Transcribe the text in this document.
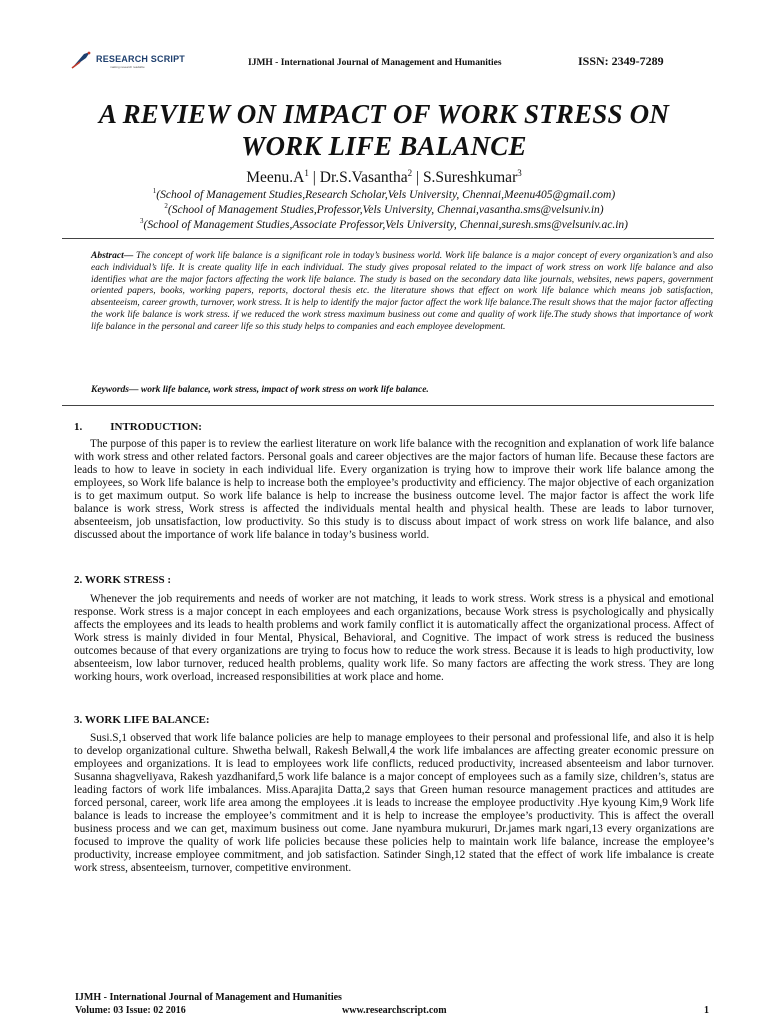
RESEARCH SCRIPT
making research readable	IJMH - International Journal of Management and Humanities	ISSN: 2349-7289
A REVIEW ON IMPACT OF WORK STRESS ON
WORK LIFE BALANCE
$Meenu.A^1$ | Dr.S.Vasantha$^2$ | S.Sureshkumar$^3$
$^1$(School of Management Studies,Research Scholar,Vels University, Chennai,Meenu405@gmail.com)
$^2$(School of Management Studies,Professor,Vels University, Chennai,vasantha.sms@velsuniv.in)
$^3$(School of Management Studies,Associate Professor,Vels University, Chennai,suresh.sms@velsuniv.ac.in)
Abstract— The concept of work life balance is a significant role in today’s business world. Work life balance is a major concept of every organization’s and also each individual’s life. It is create quality life in each individual. The study gives proposal related to the impact of work stress on work life balance and also identifies what are the major factors affecting the work life balance. The study is based on the secondary data like journals, websites, news papers, government oriented papers, books, working papers, reports, doctoral thesis etc. the literature shows that effect on work life balance which means job satisfaction, absenteeism, career growth, turnover, work stress. It is help to identify the major factor affect the work life balance.The result shows that the major factor affecting the work life balance is work stress. if we reduced the work stress maximum business out come and quality of work life.The study shows that importance of work life balance in the personal and career life so this study helps to companies and each employee development.
Keywords— work life balance, work stress, impact of work stress on work life balance.
1.	INTRODUCTION:

The purpose of this paper is to review the earliest literature on work life balance with the recognition and explanation of work life balance with work stress and other related factors. Personal goals and career objectives are the major factors of human life. Because these factors are leads to how to leave in society in each individual life. Every organization is trying how to improve their work life balance among the employees, so Work life balance is help to increase both the employee’s productivity and efficiency. The major objective of each organization is to get maximum output. So work life balance is help to increase the business outcome level. The major factor is affect the work life balance is work stress, Work stress is affected the individuals mental health and physical health. These are leads to labor turnover, absenteeism, job unsatisfaction, low productivity. So this study is to discuss about impact of work stress on work life balance, and also discussed about the importance of work life balance in today’s business world.

2. WORK STRESS :

Whenever the job requirements and needs of worker are not matching, it leads to work stress. Work stress is a physical and emotional response. Work stress is a major concept in each employees and each organizations, because Work stress is psychologically and physically affects the employees and its leads to health problems and work family conflict it is automatically affect the organizational process. Affect of Work stress is mainly divided in four Mental, Physical, Behavioral, and Cognitive. The impact of work stress is reduced the business outcomes because of that every organizations are trying to focus how to reduce the work stress. Because it is leads to high productivity, low absenteeism, low labor turnover, reduced health problems, quality work life. So many factors are affecting the work stress. They are long working hours, work overload, increased responsibilities at work place and home.

3. WORK LIFE BALANCE:

Susi.S,1 observed that work life balance policies are help to manage employees to their personal and professional life, and also it is help to develop organizational culture. Shwetha belwall, Rakesh Belwall,4 the work life imbalances are affecting greater economic pressure on employees and organizations. It is lead to employees work life conflicts, reduced productivity, increased absenteeism and labor turnover. Susanna shagveliyava, Rakesh yazdhanifard,5 work life balance is a major concept of employees such as a family size, children’s, status are leading factors of work life imbalances. Miss.Aparajita Datta,2 says that Green human resource management practices and attitudes are forced personal, career, work life area among the employees .it is leads to increase the employee productivity .Hye kyoung Kim,9 Work life balance is leads to increase the employee’s commitment and it is help to increase the employee’s productivity. This is affect the overall business process and we can get, maximum business out come. Jane nyambura mukururi, Dr.james mark ngari,13 every organizations are focused to improve the quality of work life policies because these policies help to maintain work life balance, increase the employee’s productivity, increase employee commitment, and job satisfaction. Satinder Singh,12 stated that the effect of work life imbalance is create work stress, absenteeism, turnover, competitive environment.

IJMH - International Journal of Management and Humanities
Volume: 03 Issue: 02 2016	www.researchscript.com	1
